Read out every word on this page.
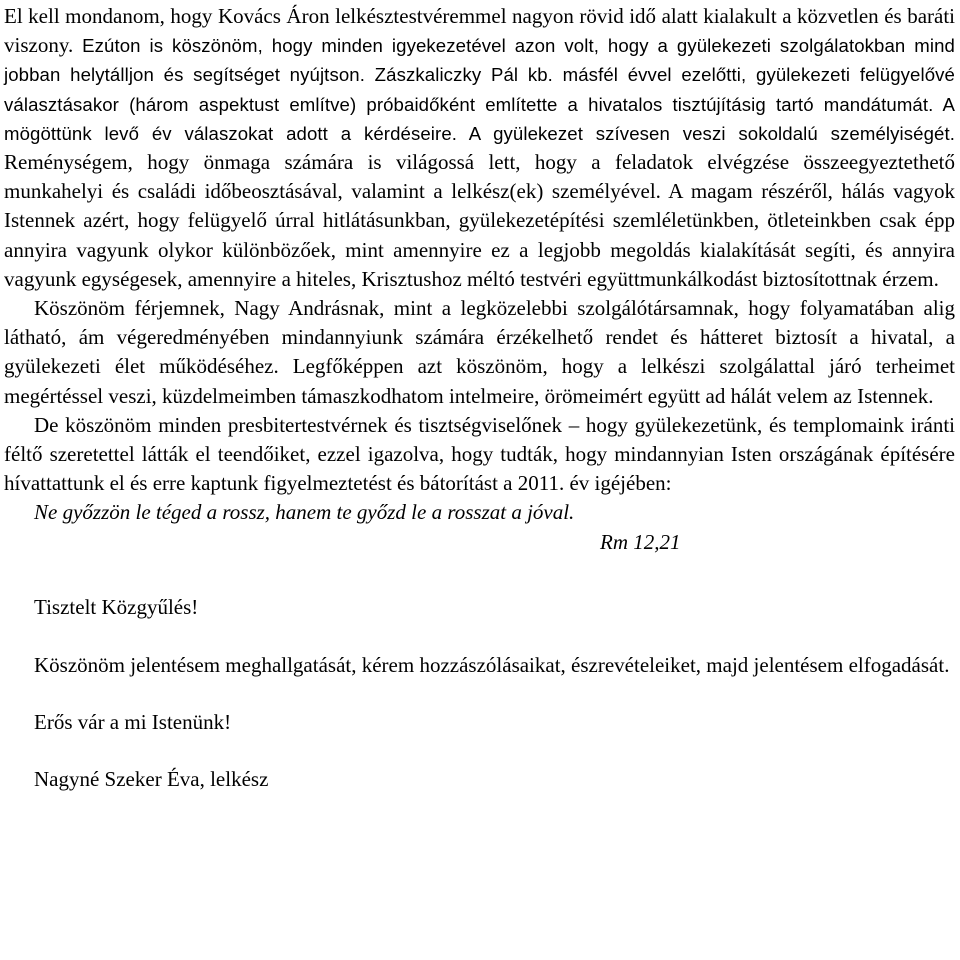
El kell mondanom, hogy Kovács Áron lelkésztestvéremmel nagyon rövid idő alatt kialakult a közvetlen és baráti viszony. Ezúton is köszönöm, hogy minden igyekezetével azon volt, hogy a gyülekezeti szolgálatokban mind jobban helytálljon és segítséget nyújtson. Zászkaliczky Pál kb. másfél évvel ezelőtti, gyülekezeti felügyelővé választásakor (három aspektust említve) próbaidőként említette a hivatalos tisztújításig tartó mandátumát. A mögöttünk levő év válaszokat adott a kérdéseire. A gyülekezet szívesen veszi sokoldalú személyiségét. Reménységem, hogy önmaga számára is világossá lett, hogy a feladatok elvégzése összeegyeztethető munkahelyi és családi időbeosztásával, valamint a lelkész(ek) személyével. A magam részéről, hálás vagyok Istennek azért, hogy felügyelő úrral hitlátásunkban, gyülekezetépítési szemléletünkben, ötleteinkben csak épp annyira vagyunk olykor különbözőek, mint amennyire ez a legjobb megoldás kialakítását segíti, és annyira vagyunk egységesek, amennyire a hiteles, Krisztushoz méltó testvéri együttmunkálkodást biztosítottnak érzem.

Köszönöm férjemnek, Nagy Andrásnak, mint a legközelebbi szolgálótársamnak, hogy folyamatában alig látható, ám végeredményében mindannyiunk számára érzékelhető rendet és hátteret biztosít a hivatal, a gyülekezeti élet működéséhez. Legfőképpen azt köszönöm, hogy a lelkészi szolgálattal járó terheimet megértéssel veszi, küzdelmeimben támaszkodhatom intelmeire, örömeimért együtt ad hálát velem az Istennek.

De köszönöm minden presbitertestvérnek és tisztségviselőnek – hogy gyülekezetünk, és templomaink iránti féltő szeretettel látták el teendőiket, ezzel igazolva, hogy tudták, hogy mindannyian Isten országának építésére hívattattunk el és erre kaptunk figyelmeztetést és bátorítást a 2011. év igéjében:

Ne győzzön le téged a rossz, hanem te győzd le a rosszat a jóval.

Rm 12,21

Tisztelt Közgyűlés!

Köszönöm jelentésem meghallgatását, kérem hozzászólásaikat, észrevételeiket, majd jelentésem elfogadását.

Erős vár a mi Istenünk!

Nagyné Szeker Éva, lelkész
